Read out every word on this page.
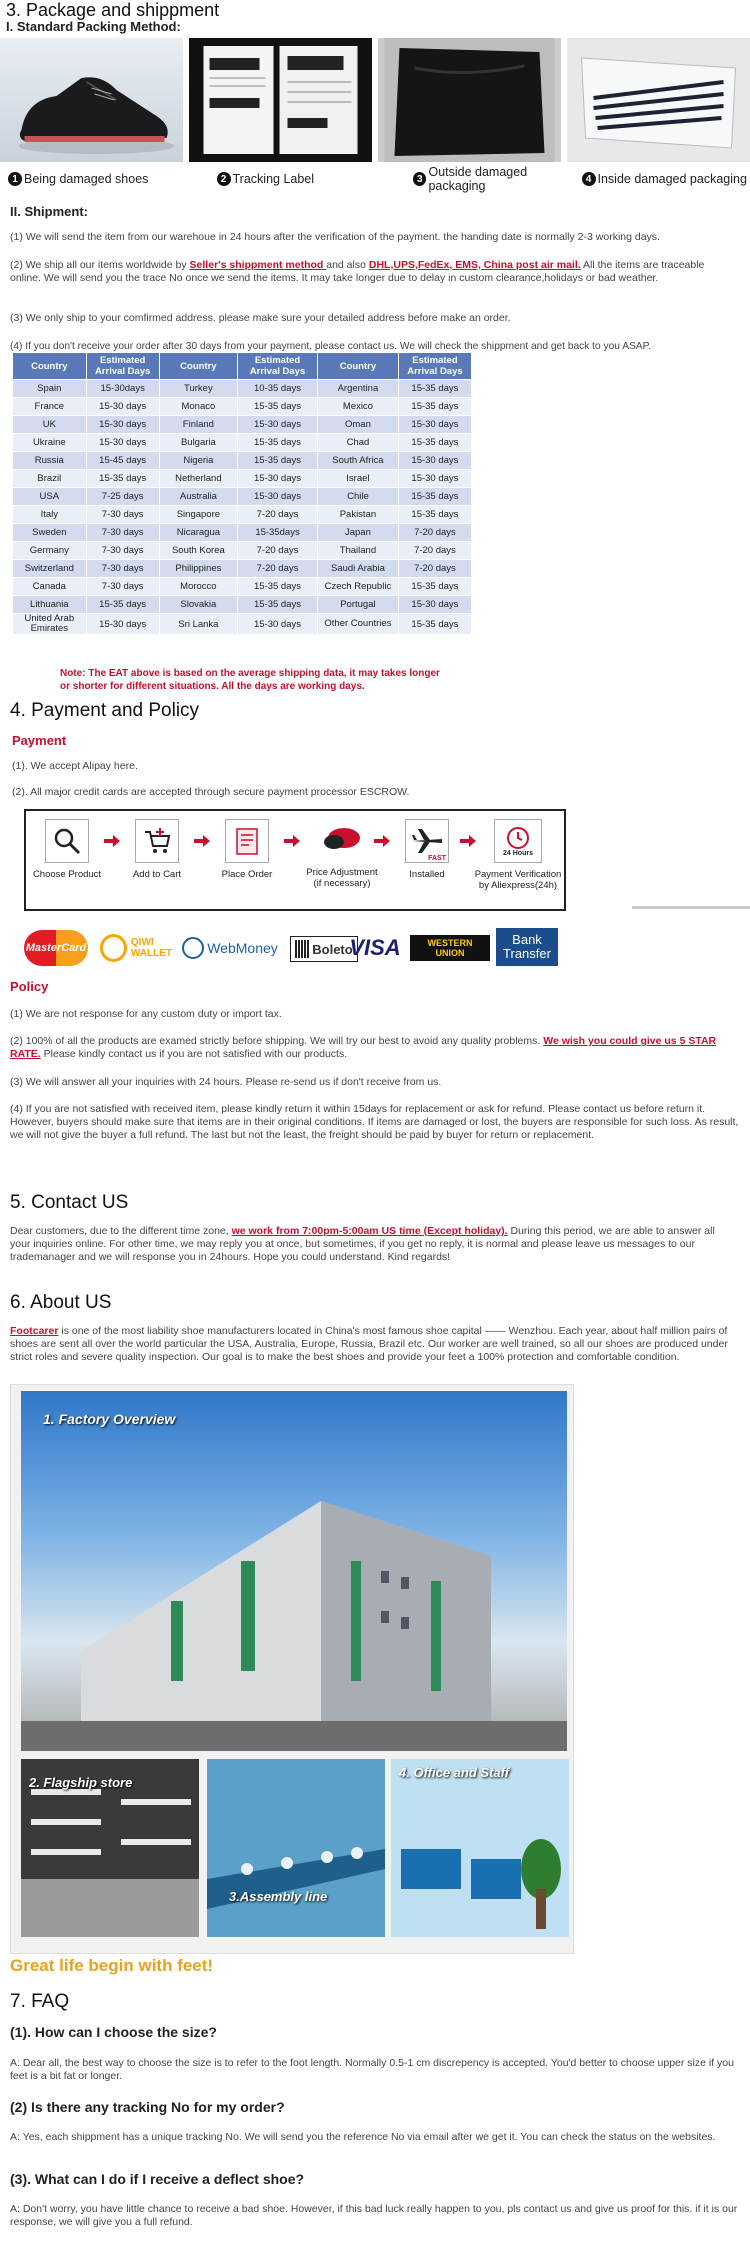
3. Package and shippment
I. Standard Packing Method:
1 Being damaged shoes	2 Tracking Label	3 Outside damaged packaging	4 Inside damaged packaging
II. Shipment:
(1) We will send the item from our warehoue in 24 hours after the verification of the payment. the handing date is normally 2-3 working days.
(2) We ship all our items worldwide by Seller's shippment method and also DHL,UPS,FedEx, EMS, China post air mail. All the items are traceable online. We will send you the trace No once we send the items. It may take longer due to delay in custom clearance,holidays or bad weather.
(3) We only ship to your comfirmed address. please make sure your detailed address before make an order.
(4) If you don't receive your order after 30 days from your payment, please contact us. We will check the shippment and get back to you ASAP.
Country	Estimated Arrival Days	Country	Estimated Arrival Days	Country	Estimated Arrival Days
Spain	15-30days	Turkey	10-35 days	Argentina	15-35 days
France	15-30 days	Monaco	15-35 days	Mexico	15-35 days
UK	15-30 days	Finland	15-30 days	Oman	15-30 days
Ukraine	15-30 days	Bulgaria	15-35 days	Chad	15-35 days
Russia	15-45 days	Nigeria	15-35 days	South Africa	15-30 days
Brazil	15-35 days	Netherland	15-30 days	Israel	15-30 days
USA	7-25 days	Australia	15-30 days	Chile	15-35 days
Italy	7-30 days	Singapore	7-20 days	Pakistan	15-35 days
Sweden	7-30 days	Nicaragua	15-35days	Japan	7-20 days
Germany	7-30 days	South Korea	7-20 days	Thailand	7-20 days
Switzerland	7-30 days	Philippines	7-20 days	Saudi Arabia	7-20 days
Canada	7-30 days	Morocco	15-35 days	Czech Republic	15-35 days
Lithuania	15-35 days	Slovakia	15-35 days	Portugal	15-30 days
United Arab Emirates	15-30 days	Sri Lanka	15-30 days	Other Countries	15-35 days
Note: The EAT above is based on the average shipping data, it may takes longer
or shorter for different situations. All the days are working days.
4. Payment and Policy
Payment
(1). We accept Alipay here.
(2). All major credit cards are accepted through secure payment processor ESCROW.
Choose Product	Add to Cart	Place Order	Price Adjustment
(if necessary)
FAST
Installed
24 Hours
Payment Verification
by Aliexpress(24h)
MasterCard	QIWI
WALLET	WebMoney	Boleto
VISA	WESTERN
UNION
Bank
Transfer
Policy
(1) We are not response for any custom duty or import tax.
(2) 100% of all the products are examed strictly before shipping. We will try our best to avoid any quality problems. We wish you could give us 5 STAR RATE. Please kindly contact us if you are not satisfied with our products.
(3) We will answer all your inquiries with 24 hours. Please re-send us if don't receive from us.
(4) If you are not satisfied with received item, please kindly return it within 15days for replacement or ask for refund. Please contact us before return it. However, buyers should make sure that items are in their original conditions. If items are damaged or lost, the buyers are responsible for such loss. As result, we will not give the buyer a full refund. The last but not the least, the freight should be paid by buyer for return or replacement.
5. Contact US
Dear customers, due to the different time zone, we work from 7:00pm-5:00am US time (Except holiday). During this period, we are able to answer all your inquiries online. For other time, we may reply you at once, but sometimes, if you get no reply, it is normal and please leave us messages to our trademanager and we will response you in 24hours. Hope you could understand. Kind regards!
6. About US
Footcarer is one of the most liability shoe manufacturers located in China's most famous shoe capital —— Wenzhou. Each year, about half million pairs of shoes are sent all over the world particular the USA, Australia, Europe, Russia, Brazil etc. Our worker are well trained, so all our shoes are produced under strict roles and severe quality inspection. Our goal is to make the best shoes and provide your feet a 100% protection and comfortable condition.
1. Factory Overview
2. Flagship store
3.Assembly line
4. Office and Staff
Great life begin with feet!
7. FAQ
(1). How can I choose the size?
A: Dear all, the best way to choose the size is to refer to the foot length. Normally 0.5-1 cm discrepency is accepted. You'd better to choose upper size if you feet is a bit fat or longer.
(2) Is there any tracking No for my order?
A: Yes, each shippment has a unique tracking No. We will send you the reference No via email after we get it. You can check the status on the websites.
(3). What can I do if I receive a deflect shoe?
A: Don't worry, you have little chance to receive a bad shoe. However, if this bad luck really happen to you, pls contact us and give us proof for this. if it is our response, we will give you a full refund.
